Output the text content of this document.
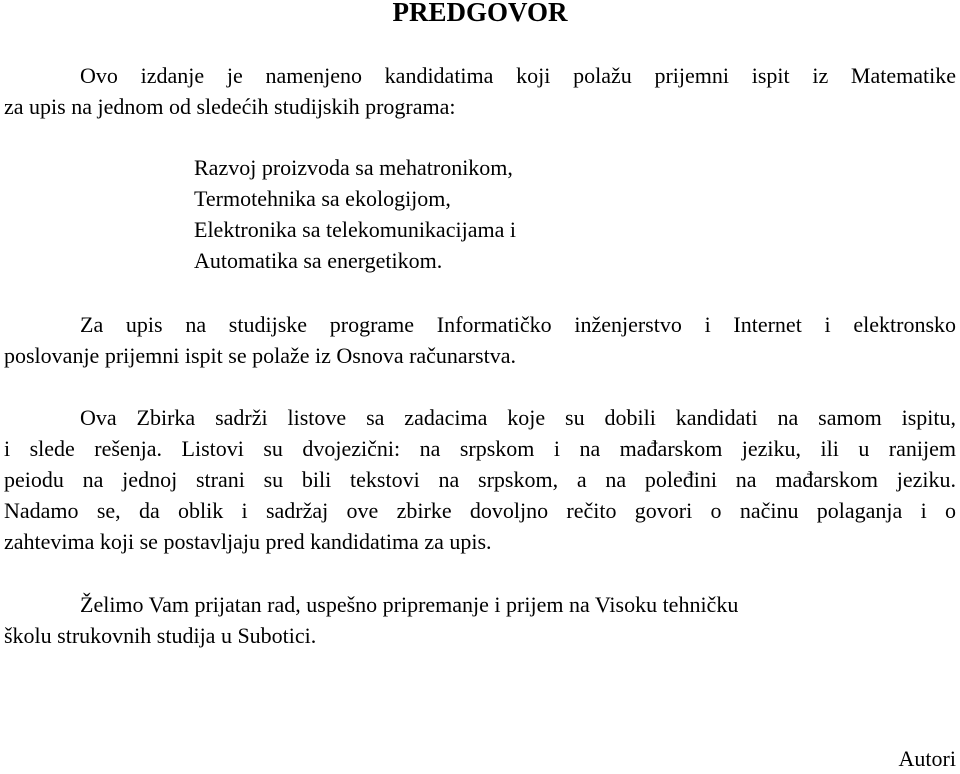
PREDGOVOR
Ovo izdanje je namenjeno kandidatima koji polažu prijemni ispit iz Matematike
za upis na jednom od sledećih studijskih programa:
Razvoj proizvoda sa mehatronikom,
Termotehnika sa ekologijom,
Elektronika sa telekomunikacijama i
Automatika sa energetikom.
Za upis na studijske programe Informatičko inženjerstvo i Internet i elektronsko
poslovanje prijemni ispit se polaže iz Osnova računarstva.
Ova Zbirka sadrži listove sa zadacima koje su dobili kandidati na samom ispitu,
i slede rešenja. Listovi su dvojezični: na srpskom i na mađarskom jeziku, ili u ranijem
peiodu na jednoj strani su bili tekstovi na srpskom, a na poleđini na mađarskom jeziku.
Nadamo se, da oblik i sadržaj ove zbirke dovoljno rečito govori o načinu polaganja i o
zahtevima koji se postavljaju pred kandidatima za upis.
Želimo Vam prijatan rad, uspešno pripremanje i prijem na Visoku tehničku
školu strukovnih studija u Subotici.

Autori
